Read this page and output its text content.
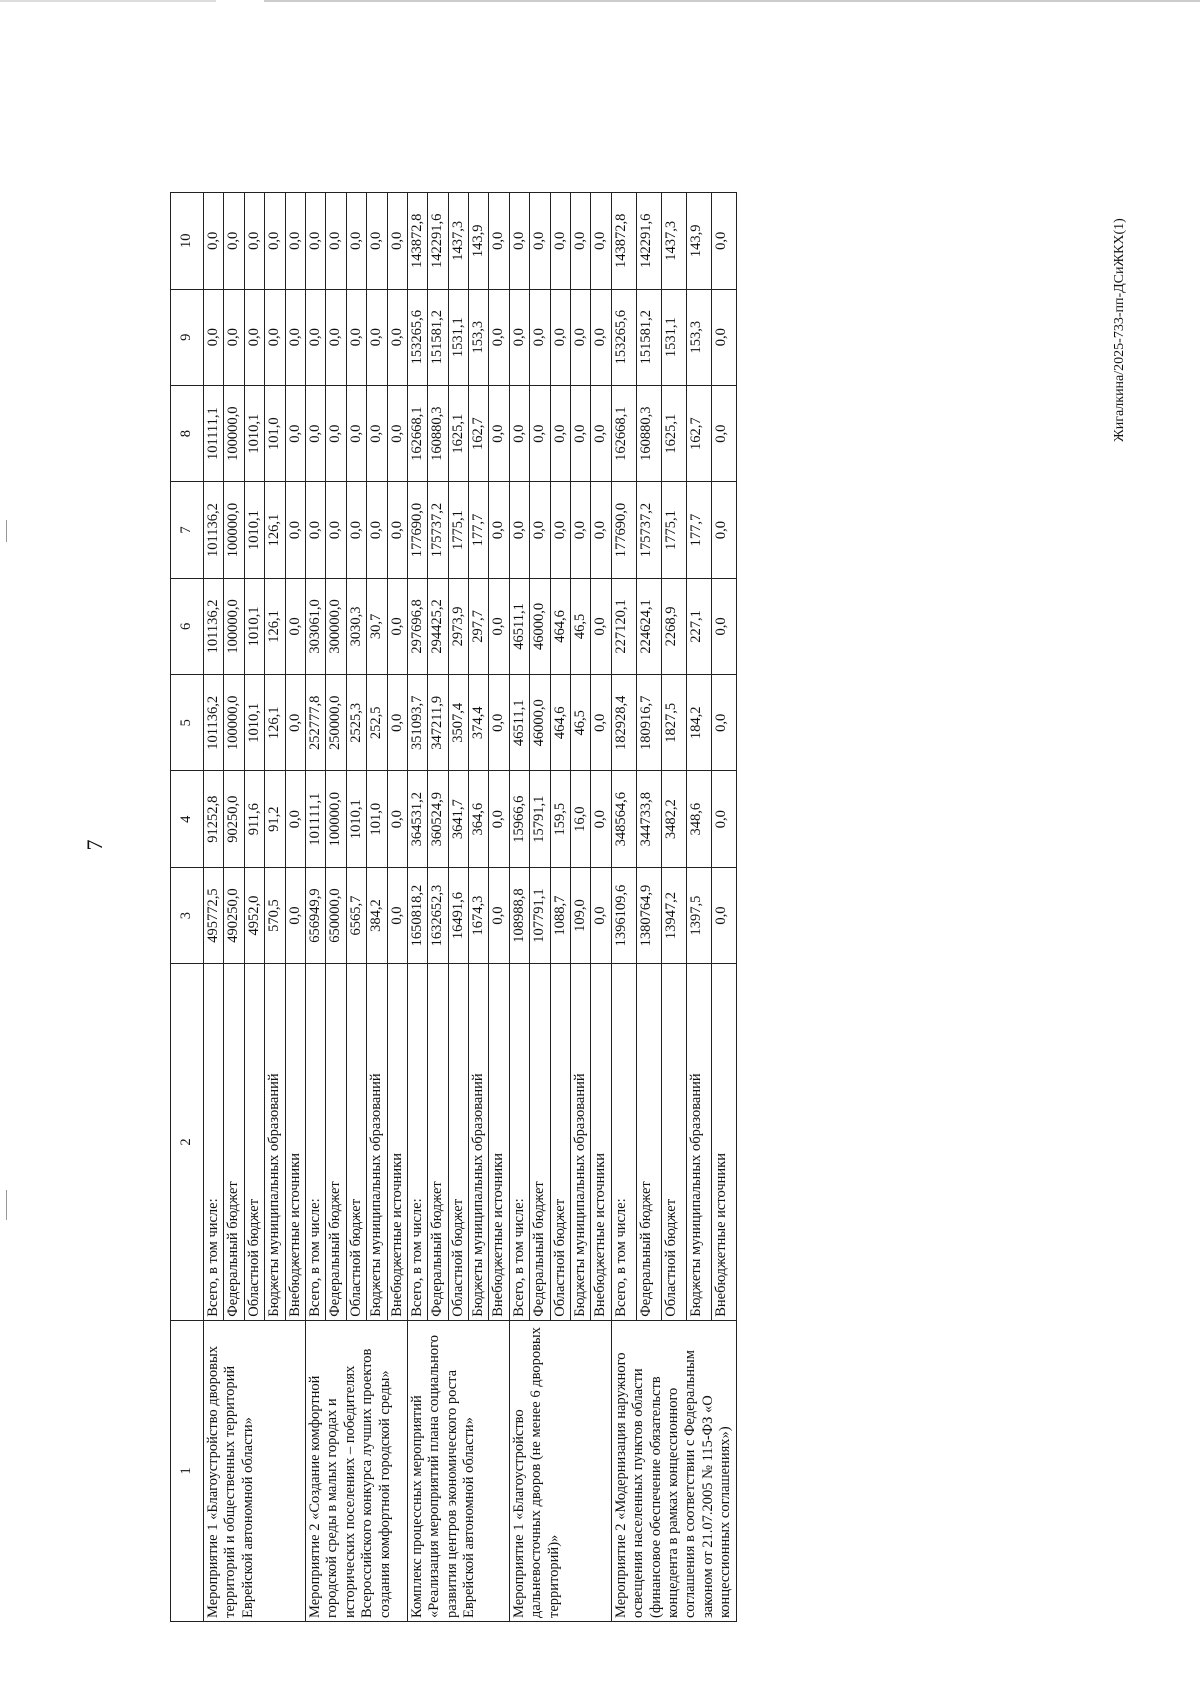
7
Жигалкина/2025-733-пп-ДСиЖКХ(1)
1	2	3	4	5	6	7	8	9	10
Мероприятие 1 «Благоустройство дворовых территорий и общественных территорий Еврейской автономной области»	Всего, в том числе:	495772,5	91252,8	101136,2	101136,2	101136,2	101111,1	0,0	0,0
	Федеральный бюджет	490250,0	90250,0	100000,0	100000,0	100000,0	100000,0	0,0	0,0
	Областной бюджет	4952,0	911,6	1010,1	1010,1	1010,1	1010,1	0,0	0,0
	Бюджеты муниципальных образований	570,5	91,2	126,1	126,1	126,1	101,0	0,0	0,0
	Внебюджетные источники	0,0	0,0	0,0	0,0	0,0	0,0	0,0	0,0
Мероприятие 2 «Создание комфортной городской среды в малых городах и исторических поселениях – победителях Всероссийского конкурса лучших проектов создания комфортной городской среды»	Всего, в том числе:	656949,9	101111,1	252777,8	303061,0	0,0	0,0	0,0	0,0
	Федеральный бюджет	650000,0	100000,0	250000,0	300000,0	0,0	0,0	0,0	0,0
	Областной бюджет	6565,7	1010,1	2525,3	3030,3	0,0	0,0	0,0	0,0
	Бюджеты муниципальных образований	384,2	101,0	252,5	30,7	0,0	0,0	0,0	0,0
	Внебюджетные источники	0,0	0,0	0,0	0,0	0,0	0,0	0,0	0,0
Комплекс процессных мероприятий «Реализация мероприятий плана социального развития центров экономического роста Еврейской автономной области»	Всего, в том числе:	1650818,2	364531,2	351093,7	297696,8	177690,0	162668,1	153265,6	143872,8
	Федеральный бюджет	1632652,3	360524,9	347211,9	294425,2	175737,2	160880,3	151581,2	142291,6
	Областной бюджет	16491,6	3641,7	3507,4	2973,9	1775,1	1625,1	1531,1	1437,3
	Бюджеты муниципальных образований	1674,3	364,6	374,4	297,7	177,7	162,7	153,3	143,9
	Внебюджетные источники	0,0	0,0	0,0	0,0	0,0	0,0	0,0	0,0
Мероприятие 1 «Благоустройство дальневосточных дворов (не менее 6 дворовых территорий)»	Всего, в том числе:	108988,8	15966,6	46511,1	46511,1	0,0	0,0	0,0	0,0
	Федеральный бюджет	107791,1	15791,1	46000,0	46000,0	0,0	0,0	0,0	0,0
	Областной бюджет	1088,7	159,5	464,6	464,6	0,0	0,0	0,0	0,0
	Бюджеты муниципальных образований	109,0	16,0	46,5	46,5	0,0	0,0	0,0	0,0
	Внебюджетные источники	0,0	0,0	0,0	0,0	0,0	0,0	0,0	0,0
Мероприятие 2 «Модернизация наружного освещения населенных пунктов области (финансовое обеспечение обязательств концедента в рамках концессионного соглашения в соответствии с Федеральным законом от 21.07.2005 № 115-ФЗ «О концессионных соглашениях»)	Всего, в том числе:	1396109,6	348564,6	182928,4	227120,1	177690,0	162668,1	153265,6	143872,8
	Федеральный бюджет	1380764,9	344733,8	180916,7	224624,1	175737,2	160880,3	151581,2	142291,6
	Областной бюджет	13947,2	3482,2	1827,5	2268,9	1775,1	1625,1	1531,1	1437,3
	Бюджеты муниципальных образований	1397,5	348,6	184,2	227,1	177,7	162,7	153,3	143,9
	Внебюджетные источники	0,0	0,0	0,0	0,0	0,0	0,0	0,0	0,0
